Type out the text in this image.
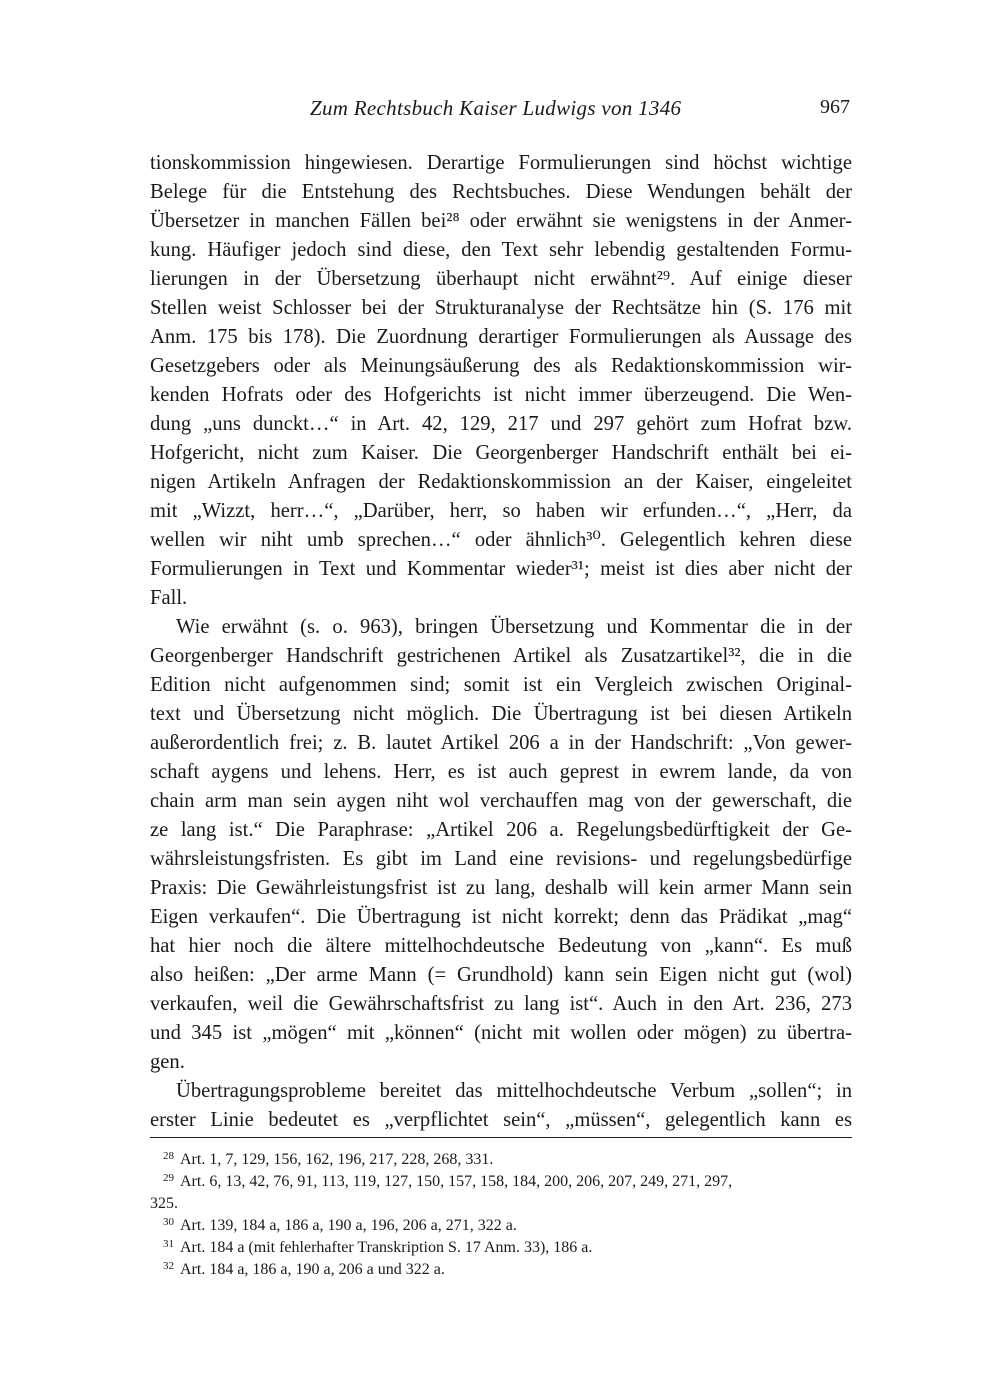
Zum Rechtsbuch Kaiser Ludwigs von 1346	967
tionskommission hingewiesen. Derartige Formulierungen sind höchst wichtige
Belege für die Entstehung des Rechtsbuches. Diese Wendungen behält der
Übersetzer in manchen Fällen bei²⁸ oder erwähnt sie wenigstens in der Anmer-
kung. Häufiger jedoch sind diese, den Text sehr lebendig gestaltenden Formu-
lierungen in der Übersetzung überhaupt nicht erwähnt²⁹. Auf einige dieser
Stellen weist Schlosser bei der Strukturanalyse der Rechtsätze hin (S. 176 mit
Anm. 175 bis 178). Die Zuordnung derartiger Formulierungen als Aussage des
Gesetzgebers oder als Meinungsäußerung des als Redaktionskommission wir-
kenden Hofrats oder des Hofgerichts ist nicht immer überzeugend. Die Wen-
dung „uns dunckt…“ in Art. 42, 129, 217 und 297 gehört zum Hofrat bzw.
Hofgericht, nicht zum Kaiser. Die Georgenberger Handschrift enthält bei ei-
nigen Artikeln Anfragen der Redaktionskommission an der Kaiser, eingeleitet
mit „Wizzt, herr…“, „Darüber, herr, so haben wir erfunden…“, „Herr, da
wellen wir niht umb sprechen…“ oder ähnlich³⁰. Gelegentlich kehren diese
Formulierungen in Text und Kommentar wieder³¹; meist ist dies aber nicht der
Fall.
Wie erwähnt (s. o. 963), bringen Übersetzung und Kommentar die in der
Georgenberger Handschrift gestrichenen Artikel als Zusatzartikel³², die in die
Edition nicht aufgenommen sind; somit ist ein Vergleich zwischen Original-
text und Übersetzung nicht möglich. Die Übertragung ist bei diesen Artikeln
außerordentlich frei; z. B. lautet Artikel 206 a in der Handschrift: „Von gewer-
schaft aygens und lehens. Herr, es ist auch geprest in ewrem lande, da von
chain arm man sein aygen niht wol verchauffen mag von der gewerschaft, die
ze lang ist.“ Die Paraphrase: „Artikel 206 a. Regelungsbedürftigkeit der Ge-
währsleistungsfristen. Es gibt im Land eine revisions- und regelungsbedürfige
Praxis: Die Gewährleistungsfrist ist zu lang, deshalb will kein armer Mann sein
Eigen verkaufen“. Die Übertragung ist nicht korrekt; denn das Prädikat „mag“
hat hier noch die ältere mittelhochdeutsche Bedeutung von „kann“. Es muß
also heißen: „Der arme Mann (= Grundhold) kann sein Eigen nicht gut (wol)
verkaufen, weil die Gewährschaftsfrist zu lang ist“. Auch in den Art. 236, 273
und 345 ist „mögen“ mit „können“ (nicht mit wollen oder mögen) zu übertra-
gen.
Übertragungsprobleme bereitet das mittelhochdeutsche Verbum „sollen“; in
erster Linie bedeutet es „verpflichtet sein“, „müssen“, gelegentlich kann es
28 Art. 1, 7, 129, 156, 162, 196, 217, 228, 268, 331.
29 Art. 6, 13, 42, 76, 91, 113, 119, 127, 150, 157, 158, 184, 200, 206, 207, 249, 271, 297,
325.
30 Art. 139, 184 a, 186 a, 190 a, 196, 206 a, 271, 322 a.
31 Art. 184 a (mit fehlerhafter Transkription S. 17 Anm. 33), 186 a.
32 Art. 184 a, 186 a, 190 a, 206 a und 322 a.
